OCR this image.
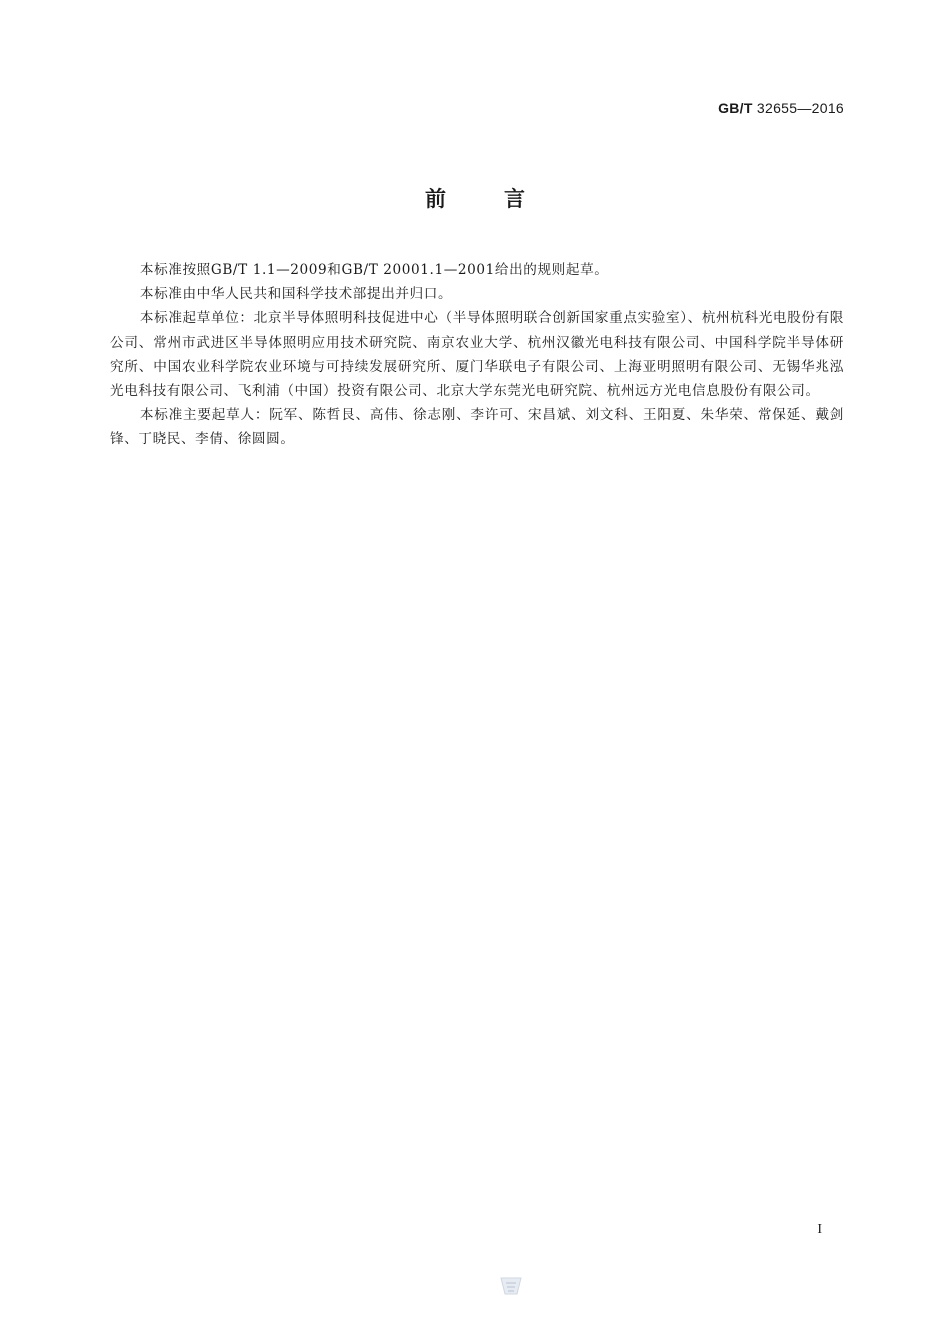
GB/T 32655—2016
前言

本标准按照GB/T 1.1—2009和GB/T 20001.1—2001给出的规则起草。

本标准由中华人民共和国科学技术部提出并归口。

本标准起草单位：北京半导体照明科技促进中心（半导体照明联合创新国家重点实验室）、杭州杭科光电股份有限公司、常州市武进区半导体照明应用技术研究院、南京农业大学、杭州汉徽光电科技有限公司、中国科学院半导体研究所、中国农业科学院农业环境与可持续发展研究所、厦门华联电子有限公司、上海亚明照明有限公司、无锡华兆泓光电科技有限公司、飞利浦（中国）投资有限公司、北京大学东莞光电研究院、杭州远方光电信息股份有限公司。

本标准主要起草人：阮军、陈哲艮、高伟、徐志刚、李许可、宋昌斌、刘文科、王阳夏、朱华荣、常保延、戴剑锋、丁晓民、李倩、徐圆圆。

I
